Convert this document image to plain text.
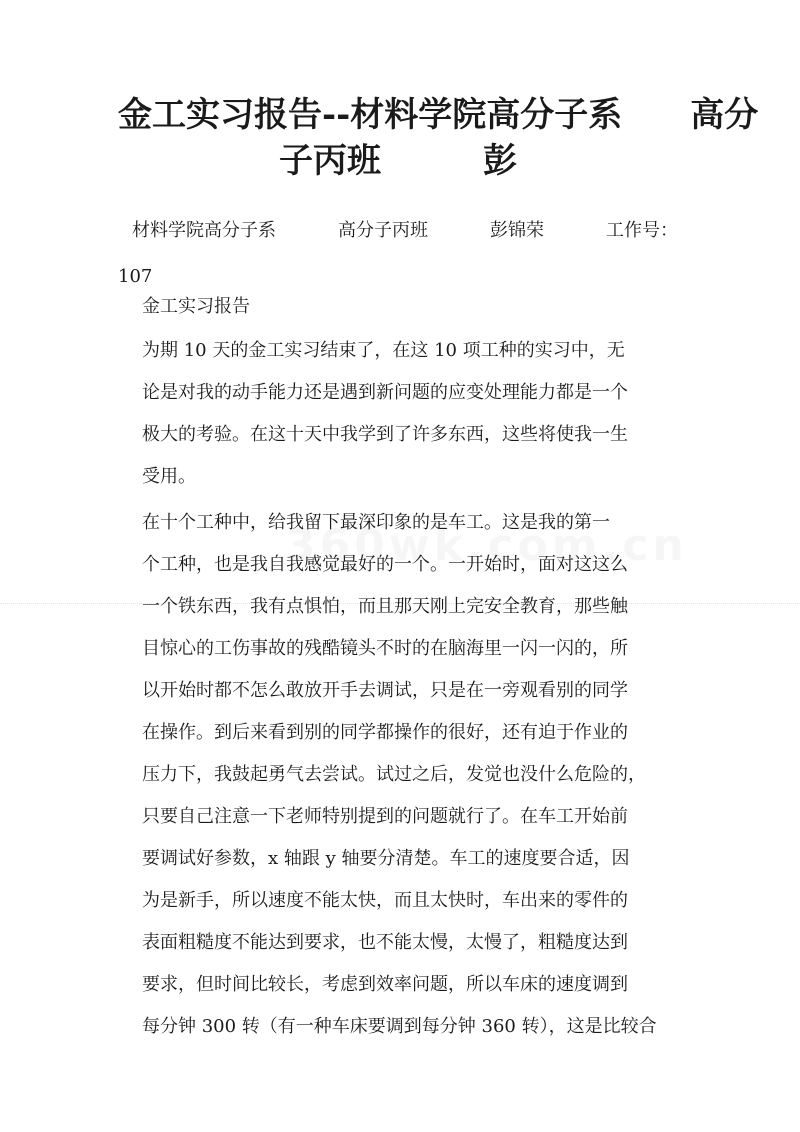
金工实习报告--材料学院高分子系　　高分
子丙班　　　彭
材料学院高分子系	高分子丙班	彭锦荣	工作号：
107

金工实习报告

为期 10 天的金工实习结束了，在这 10 项工种的实习中，无
论是对我的动手能力还是遇到新问题的应变处理能力都是一个
极大的考验。在这十天中我学到了许多东西，这些将使我一生
受用。

在十个工种中，给我留下最深印象的是车工。这是我的第一
个工种，也是我自我感觉最好的一个。一开始时，面对这这么
一个铁东西，我有点惧怕，而且那天刚上完安全教育，那些触
目惊心的工伤事故的残酷镜头不时的在脑海里一闪一闪的，所
以开始时都不怎么敢放开手去调试，只是在一旁观看别的同学
在操作。到后来看到别的同学都操作的很好，还有迫于作业的
压力下，我鼓起勇气去尝试。试过之后，发觉也没什么危险的，
只要自己注意一下老师特别提到的问题就行了。在车工开始前
要调试好参数，x 轴跟 y 轴要分清楚。车工的速度要合适，因
为是新手，所以速度不能太快，而且太快时，车出来的零件的
表面粗糙度不能达到要求，也不能太慢，太慢了，粗糙度达到
要求，但时间比较长，考虑到效率问题，所以车床的速度调到
每分钟 300 转（有一种车床要调到每分钟 360 转），这是比较合
